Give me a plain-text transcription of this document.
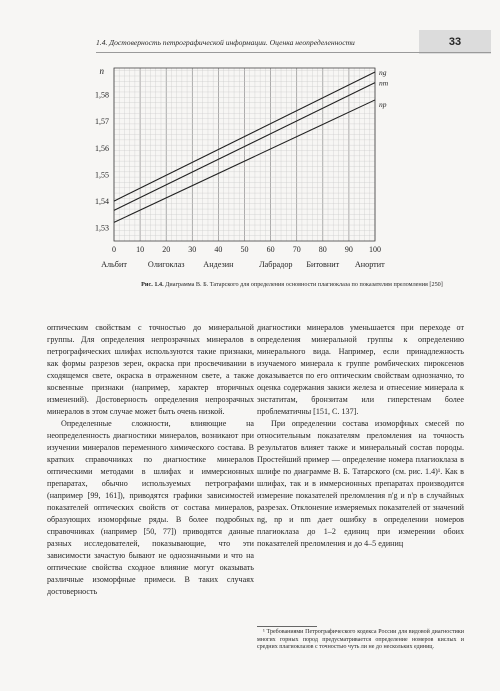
1.4. Достоверность петрографической информации. Оценка неопределенности	33
1,53
1,54
1,55
1,56
1,57
1,58
n
0	10 20 30 40 50 60 70 80 90 100
Альбит	Олигоклаз Андезин	Лабрадор Битовнит Анортит
ng
nm
np
Рис. 1.4. Диаграмма В. Б. Татарского для определения основности плагиоклаза по показателям преломления [250]

оптическим свойствам с точностью до минеральной группы. Для определения непрозрачных минералов в петрографических шлифах используются такие признаки, как формы разрезов зерен, окраска при просвечивании в сходящемся свете, окраска в отраженном свете, а также косвенные признаки (например, характер вторичных изменений). Достоверность определения непрозрачных минералов в этом случае может быть очень низкой.

Определенные сложности, влияющие на неопределенность диагностики минералов, возникают при изучении минералов переменного химического состава. В кратких справочниках по диагностике минералов оптическими методами в шлифах и иммерсионных препаратах, обычно используемых петрографами (например [99, 161]), приводятся графики зависимостей показателей оптических свойств от состава минералов, образующих изоморфные ряды. В более подробных справочниках (например [50, 77]) приводятся данные разных исследователей, показывающие, что эти зависимости зачастую бывают не однозначными и что на оптические свойства сходное влияние могут оказывать различные изоморфные примеси. В таких случаях достоверность

диагностики минералов уменьшается при переходе от определения минеральной группы к определению минерального вида. Например, если принадлежность изучаемого минерала к группе ромбических пироксенов доказывается по его оптическим свойствам однозначно, то оценка содержания закиси железа и отнесение минерала к энстатитам, бронзитам или гиперстенам более проблематичны [151, С. 137].

При определении состава изоморфных смесей по относительным показателям преломления на точность результатов влияет также и минеральный состав породы. Простейший пример — определение номера плагиоклаза в шлифе по диаграмме В. Б. Татарского (см. рис. 1.4)¹. Как в шлифах, так и в иммерсионных препаратах производится измерение показателей преломления n'g и n'p в случайных разрезах. Отклонение измеряемых показателей от значений ng, np и nm дает ошибку в определении номеров плагиоклаза до 1–2 единиц при измерении обоих показателей преломления и до 4–5 единиц

¹ Требованиями Петрографического кодекса России для видовой диагностики многих горных пород предусматривается определение номеров кислых и средних плагиоклазов с точностью чуть ли не до нескольких единиц.
